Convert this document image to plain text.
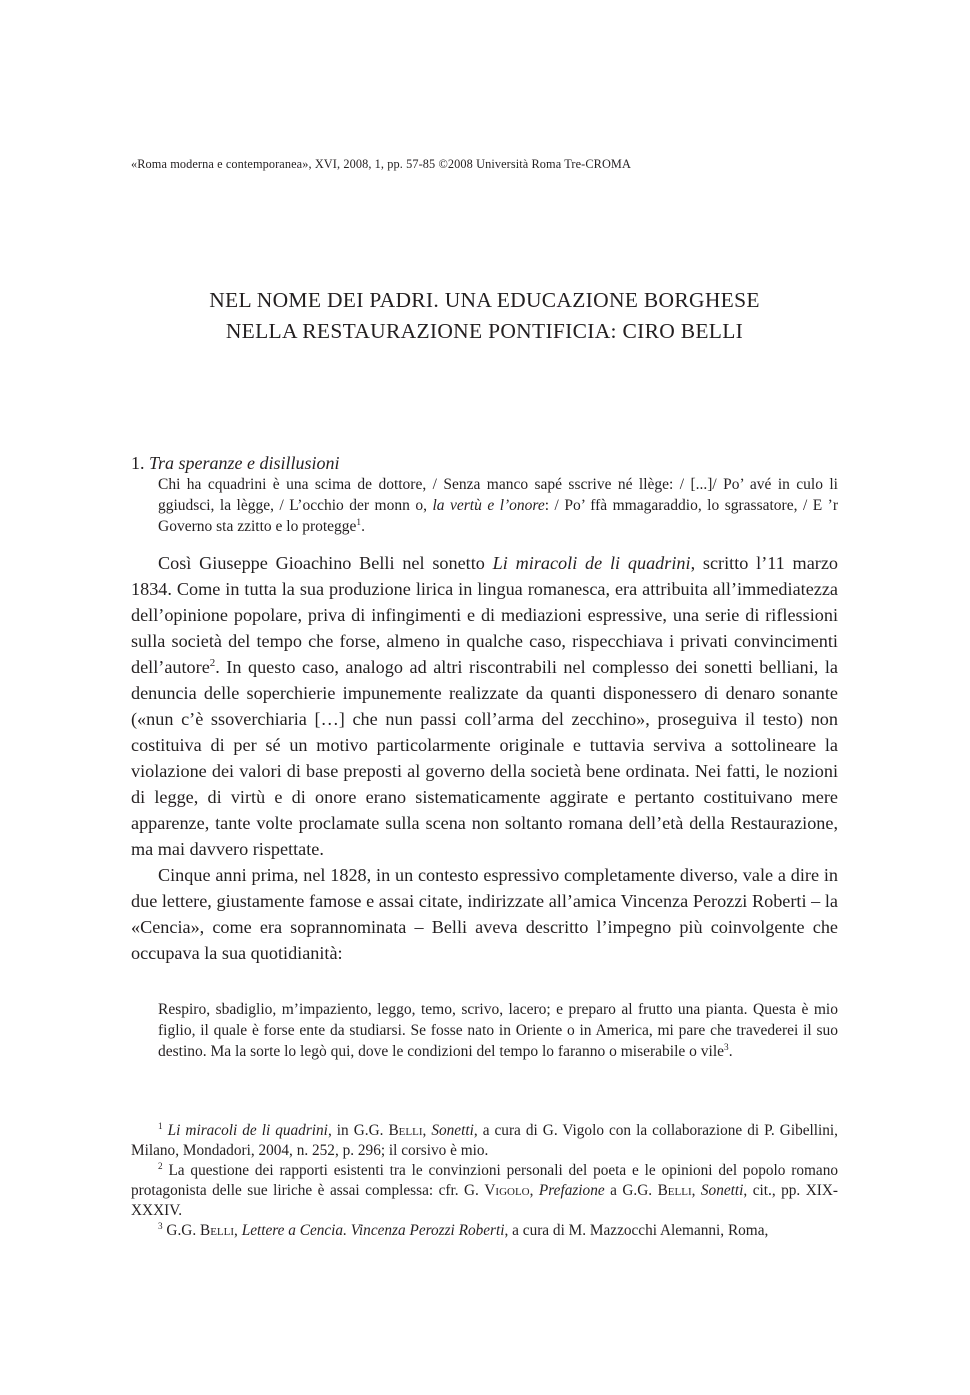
«Roma moderna e contemporanea», XVI, 2008, 1, pp. 57-85 ©2008 Università Roma Tre-CROMA
NEL NOME DEI PADRI. UNA EDUCAZIONE BORGHESE
NELLA RESTAURAZIONE PONTIFICIA: CIRO BELLI
1. Tra speranze e disillusioni
Chi ha cquadrini è una scima de dottore, / Senza manco sapé sscrive né llège: / [...]/ Po’ avé in culo li ggiudsci, la lègge, / L’occhio der monn o, la vertù e l’onore: / Po’ ffà mmagaraddio, lo sgrassatore, / E ’r Governo sta zzitto e lo protegge$^1$.

Così Giuseppe Gioachino Belli nel sonetto Li miracoli de li quadrini, scritto l’11 marzo 1834. Come in tutta la sua produzione lirica in lingua romanesca, era attribuita all’immediatezza dell’opinione popolare, priva di infingimenti e di mediazioni espressive, una serie di riflessioni sulla società del tempo che forse, almeno in qualche caso, rispecchiava i privati convincimenti dell’autore$^2$. In questo caso, analogo ad altri riscontrabili nel complesso dei sonetti belliani, la denuncia delle soperchierie impunemente realizzate da quanti disponessero di denaro sonante («nun c’è ssoverchiaria […] che nun passi coll’arma del zecchino», proseguiva il testo) non costituiva di per sé un motivo particolarmente originale e tuttavia serviva a sottolineare la violazione dei valori di base preposti al governo della società bene ordinata. Nei fatti, le nozioni di legge, di virtù e di onore erano sistematicamente aggirate e pertanto costituivano mere apparenze, tante volte proclamate sulla scena non soltanto romana dell’età della Restaurazione, ma mai davvero rispettate.

Cinque anni prima, nel 1828, in un contesto espressivo completamente diverso, vale a dire in due lettere, giustamente famose e assai citate, indirizzate all’amica Vincenza Perozzi Roberti – la «Cencia», come era soprannominata – Belli aveva descritto l’impegno più coinvolgente che occupava la sua quotidianità:

Respiro, sbadiglio, m’impaziento, leggo, temo, scrivo, lacero; e preparo al frutto una pianta. Questa è mio figlio, il quale è forse ente da studiarsi. Se fosse nato in Oriente o in America, mi pare che travederei il suo destino. Ma la sorte lo legò qui, dove le condizioni del tempo lo faranno o miserabile o vile$^3$.

$^1$ Li miracoli de li quadrini, in G.G. Belli, Sonetti, a cura di G. Vigolo con la collaborazione di P. Gibellini, Milano, Mondadori, 2004, n. 252, p. 296; il corsivo è mio.

$^2$ La questione dei rapporti esistenti tra le convinzioni personali del poeta e le opinioni del popolo romano protagonista delle sue liriche è assai complessa: cfr. G. Vigolo, Prefazione a G.G. Belli, Sonetti, cit., pp. XIX-XXXIV.

$^3$ G.G. Belli, Lettere a Cencia. Vincenza Perozzi Roberti, a cura di M. Mazzocchi Alemanni, Roma,
